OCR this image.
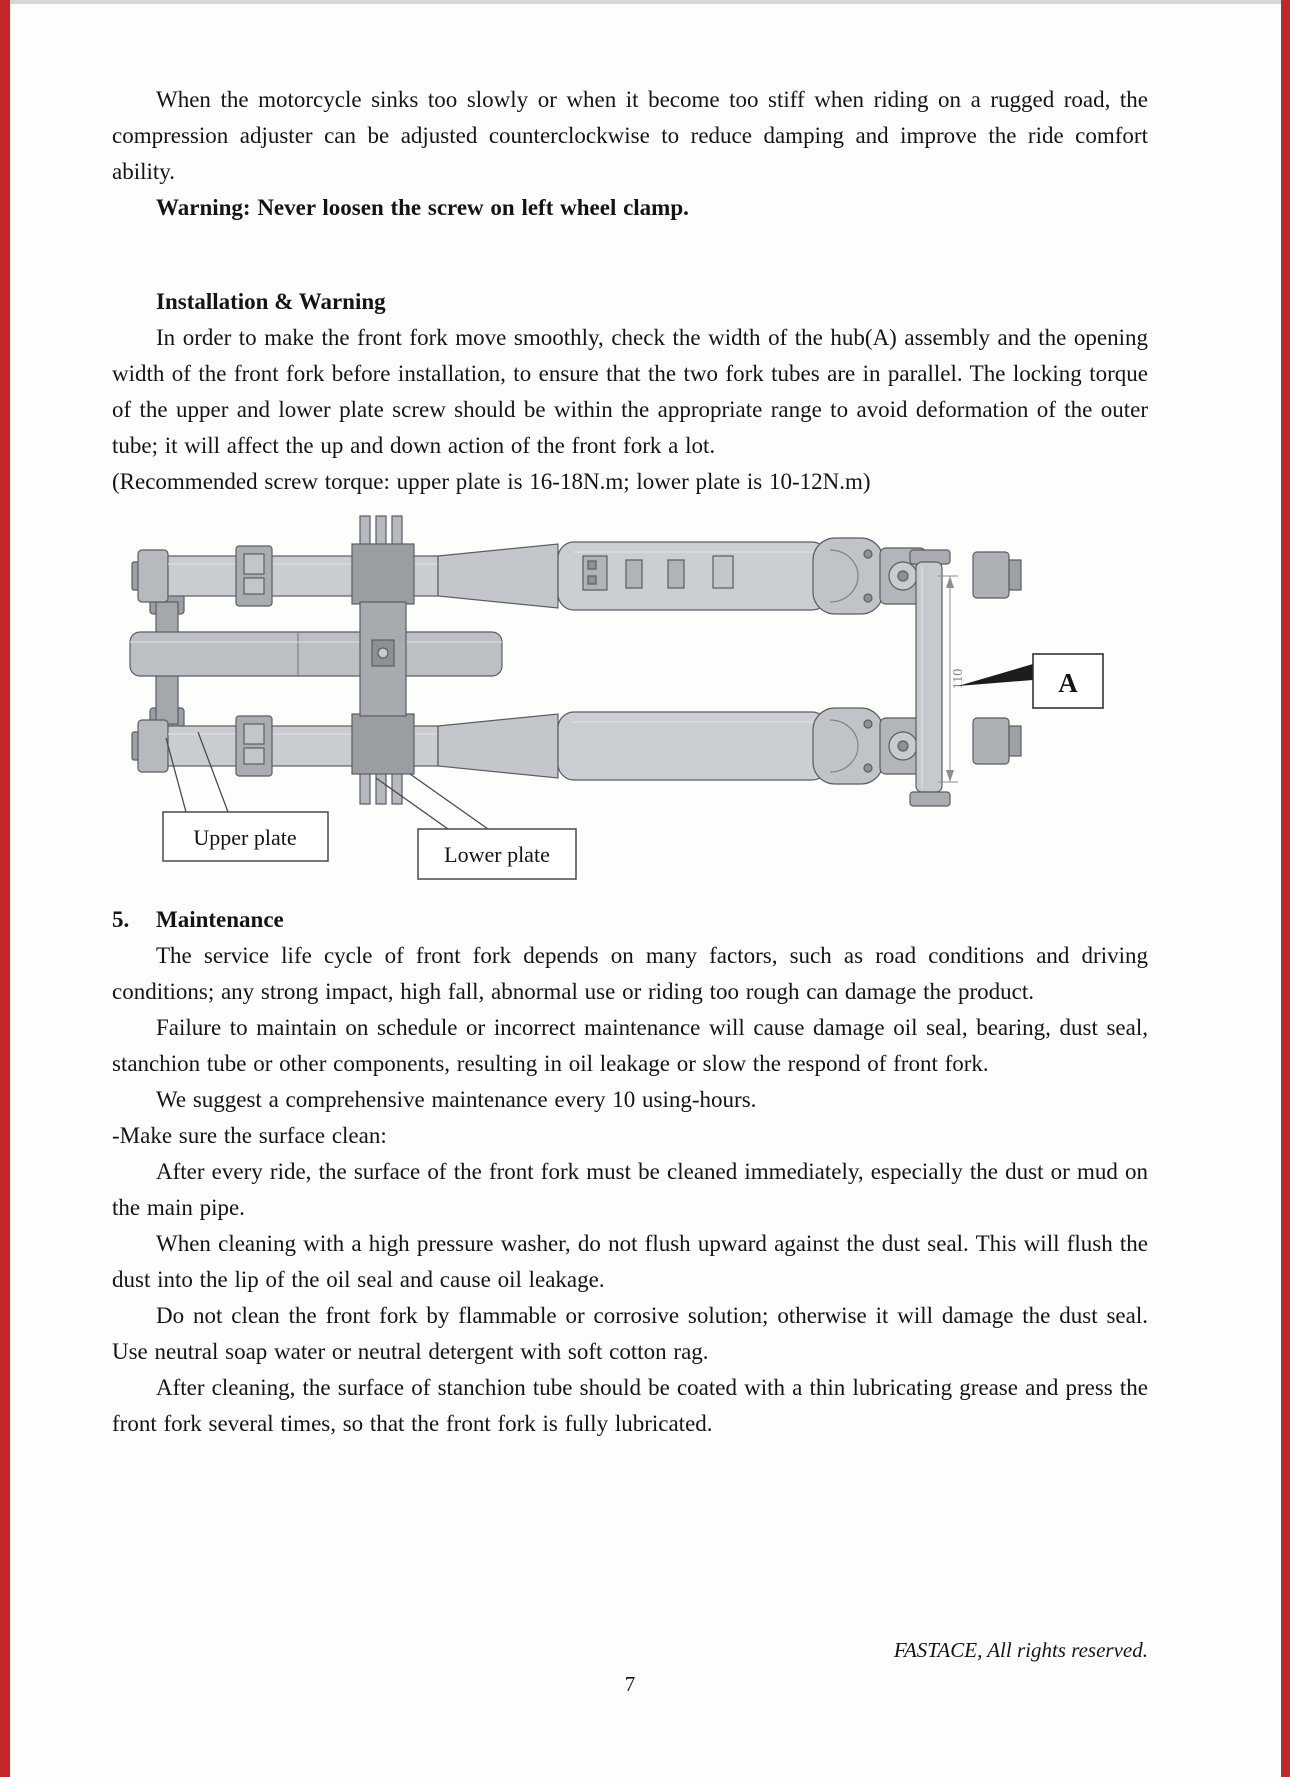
When the motorcycle sinks too slowly or when it become too stiff when riding on a rugged road, the compression adjuster can be adjusted counterclockwise to reduce damping and improve the ride comfort ability.

Warning: Never loosen the screw on left wheel clamp.

Installation & Warning

In order to make the front fork move smoothly, check the width of the hub(A) assembly and the opening width of the front fork before installation, to ensure that the two fork tubes are in parallel. The locking torque of the upper and lower plate screw should be within the appropriate range to avoid deformation of the outer tube; it will affect the up and down action of the front fork a lot.

(Recommended screw torque: upper plate is 16-18N.m; lower plate is 10-12N.m)

110	A
Upper plate
Lower plate

5.	Maintenance

The service life cycle of front fork depends on many factors, such as road conditions and driving conditions; any strong impact, high fall, abnormal use or riding too rough can damage the product.

Failure to maintain on schedule or incorrect maintenance will cause damage oil seal, bearing, dust seal, stanchion tube or other components, resulting in oil leakage or slow the respond of front fork.

We suggest a comprehensive maintenance every 10 using-hours.

-Make sure the surface clean:

After every ride, the surface of the front fork must be cleaned immediately, especially the dust or mud on the main pipe.

When cleaning with a high pressure washer, do not flush upward against the dust seal. This will flush the dust into the lip of the oil seal and cause oil leakage.

Do not clean the front fork by flammable or corrosive solution; otherwise it will damage the dust seal. Use neutral soap water or neutral detergent with soft cotton rag.

After cleaning, the surface of stanchion tube should be coated with a thin lubricating grease and press the front fork several times, so that the front fork is fully lubricated.

FASTACE, All rights reserved.
7
